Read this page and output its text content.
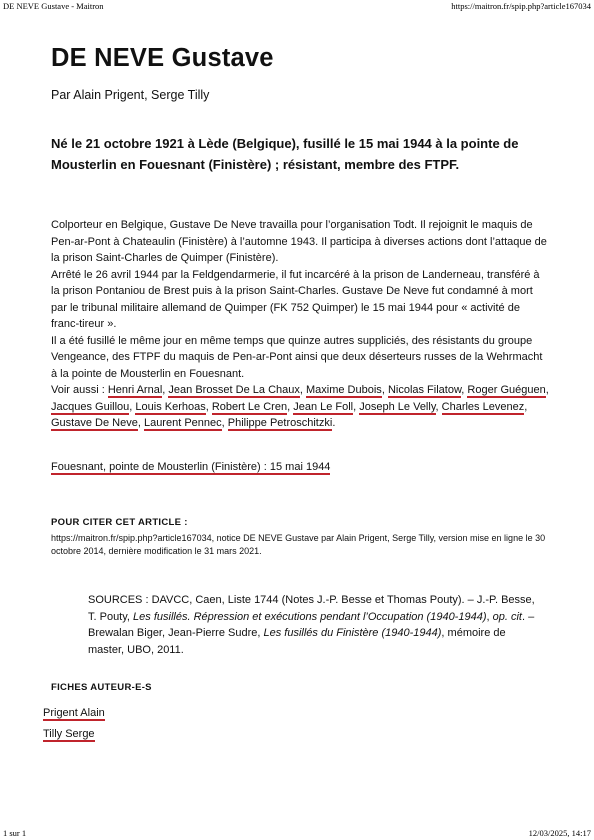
DE NEVE Gustave - Maitron	https://maitron.fr/spip.php?article167034
DE NEVE Gustave
Par Alain Prigent, Serge Tilly
Né le 21 octobre 1921 à Lède (Belgique), fusillé le 15 mai 1944 à la pointe de Mousterlin en Fouesnant (Finistère) ; résistant, membre des FTPF.

Colporteur en Belgique, Gustave De Neve travailla pour l’organisation Todt. Il rejoignit le maquis de Pen-ar-Pont à Chateaulin (Finistère) à l’automne 1943. Il participa à diverses actions dont l’attaque de la prison Saint-Charles de Quimper (Finistère).

Arrêté le 26 avril 1944 par la Feldgendarmerie, il fut incarcéré à la prison de Landerneau, transféré à la prison Pontaniou de Brest puis à la prison Saint-Charles. Gustave De Neve fut condamné à mort par le tribunal militaire allemand de Quimper (FK 752 Quimper) le 15 mai 1944 pour « activité de franc-tireur ».

Il a été fusillé le même jour en même temps que quinze autres suppliciés, des résistants du groupe Vengeance, des FTPF du maquis de Pen-ar-Pont ainsi que deux déserteurs russes de la Wehrmacht à la pointe de Mousterlin en Fouesnant.

Voir aussi : Henri Arnal, Jean Brosset De La Chaux, Maxime Dubois, Nicolas Filatow, Roger Guéguen, Jacques Guillou, Louis Kerhoas, Robert Le Cren, Jean Le Foll, Joseph Le Velly, Charles Levenez, Gustave De Neve, Laurent Pennec, Philippe Petroschitzki.

Fouesnant, pointe de Mousterlin (Finistère) : 15 mai 1944
POUR CITER CET ARTICLE :
https://maitron.fr/spip.php?article167034, notice DE NEVE Gustave par Alain Prigent, Serge Tilly, version mise en ligne le 30 octobre 2014, dernière modification le 31 mars 2021.
SOURCES : DAVCC, Caen, Liste 1744 (Notes J.-P. Besse et Thomas Pouty). – J.-P. Besse, T. Pouty, Les fusillés. Répression et exécutions pendant l’Occupation (1940-1944), op. cit. – Brewalan Biger, Jean-Pierre Sudre, Les fusillés du Finistère (1940-1944), mémoire de master, UBO, 2011.
FICHES AUTEUR-E-S
Prigent Alain
Tilly Serge
1 sur 1	12/03/2025, 14:17
